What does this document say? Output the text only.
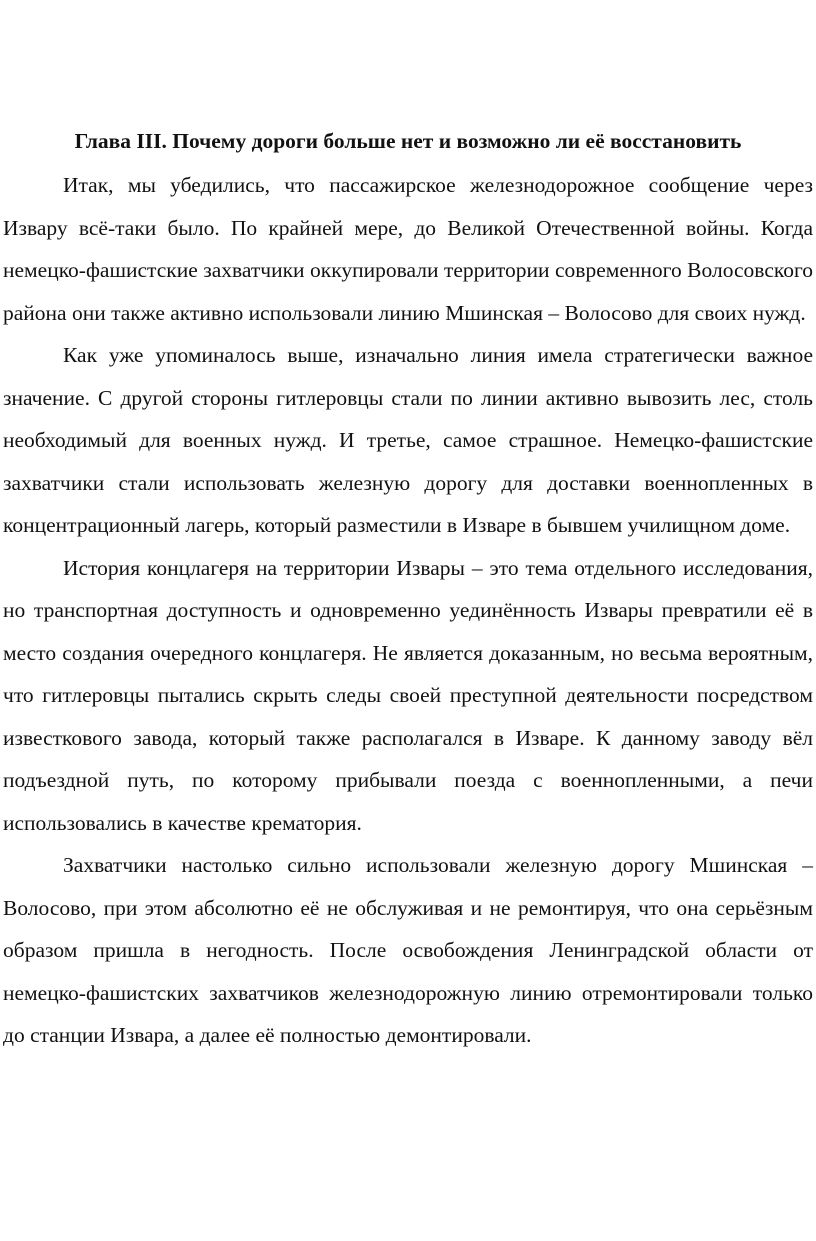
Глава III. Почему дороги больше нет и возможно ли её восстановить

Итак, мы убедились, что пассажирское железнодорожное сообщение через Извару всё-таки было. По крайней мере, до Великой Отечественной войны. Когда немецко-фашистские захватчики оккупировали территории современного Волосовского района они также активно использовали линию Мшинская – Волосово для своих нужд.

Как уже упоминалось выше, изначально линия имела стратегически важное значение. С другой стороны гитлеровцы стали по линии активно вывозить лес, столь необходимый для военных нужд. И третье, самое страшное. Немецко-фашистские захватчики стали использовать железную дорогу для доставки военнопленных в концентрационный лагерь, который разместили в Изваре в бывшем училищном доме.

История концлагеря на территории Извары – это тема отдельного исследования, но транспортная доступность и одновременно уединённость Извары превратили её в место создания очередного концлагеря. Не является доказанным, но весьма вероятным, что гитлеровцы пытались скрыть следы своей преступной деятельности посредством известкового завода, который также располагался в Изваре. К данному заводу вёл подъездной путь, по которому прибывали поезда с военнопленными, а печи использовались в качестве крематория.

Захватчики настолько сильно использовали железную дорогу Мшинская – Волосово, при этом абсолютно её не обслуживая и не ремонтируя, что она серьёзным образом пришла в негодность. После освобождения Ленинградской области от немецко-фашистских захватчиков железнодорожную линию отремонтировали только до станции Извара, а далее её полностью демонтировали.
